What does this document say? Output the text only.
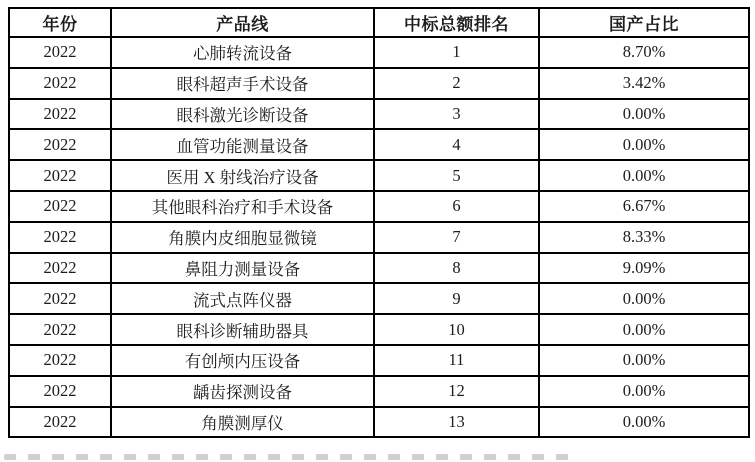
年份	产品线	中标总额排名	国产占比
2022	心肺转流设备	1	8.70%
2022	眼科超声手术设备	2	3.42%
2022	眼科激光诊断设备	3	0.00%
2022	血管功能测量设备	4	0.00%
2022	医用 X 射线治疗设备	5	0.00%
2022	其他眼科治疗和手术设备	6	6.67%
2022	角膜内皮细胞显微镜	7	8.33%
2022	鼻阻力测量设备	8	9.09%
2022	流式点阵仪器	9	0.00%
2022	眼科诊断辅助器具	10	0.00%
2022	有创颅内压设备	11	0.00%
2022	龋齿探测设备	12	0.00%
2022	角膜测厚仪	13	0.00%
